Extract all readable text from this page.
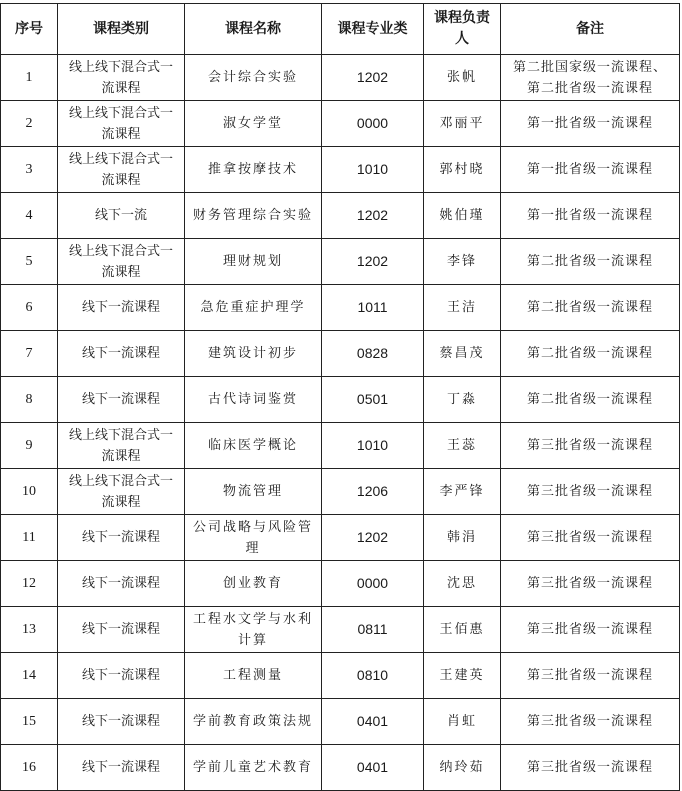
序号	课程类别	课程名称	课程专业类	课程负责人	备注
1	线上线下混合式一流课程	会计综合实验	1202	张帆	第二批国家级一流课程、第二批省级一流课程
2	线上线下混合式一流课程	淑女学堂	0000	邓丽平	第一批省级一流课程
3	线上线下混合式一流课程	推拿按摩技术	1010	郭村晓	第一批省级一流课程
4	线下一流	财务管理综合实验	1202	姚伯瑾	第一批省级一流课程
5	线上线下混合式一流课程	理财规划	1202	李锋	第二批省级一流课程
6	线下一流课程	急危重症护理学	1011	王洁	第二批省级一流课程
7	线下一流课程	建筑设计初步	0828	蔡昌茂	第二批省级一流课程
8	线下一流课程	古代诗词鉴赏	0501	丁淼	第二批省级一流课程
9	线上线下混合式一流课程	临床医学概论	1010	王蕊	第三批省级一流课程
10	线上线下混合式一流课程	物流管理	1206	李严锋	第三批省级一流课程
11	线下一流课程	公司战略与风险管理	1202	韩涓	第三批省级一流课程
12	线下一流课程	创业教育	0000	沈思	第三批省级一流课程
13	线下一流课程	工程水文学与水利计算	0811	王佰惠	第三批省级一流课程
14	线下一流课程	工程测量	0810	王建英	第三批省级一流课程
15	线下一流课程	学前教育政策法规	0401	肖虹	第三批省级一流课程
16	线下一流课程	学前儿童艺术教育	0401	纳玲茹	第三批省级一流课程
